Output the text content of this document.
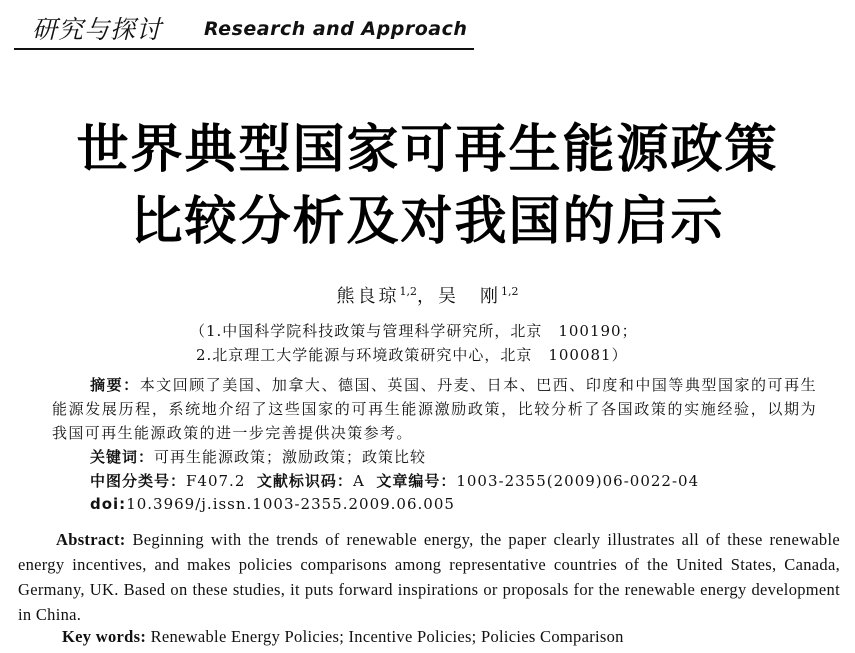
研究与探讨 Research and Approach
世界典型国家可再生能源政策
比较分析及对我国的启示
熊良琼$^{1,2}$，吴　刚$^{1,2}$
（1.中国科学院科技政策与管理科学研究所，北京　100190；
2.北京理工大学能源与环境政策研究中心，北京　100081）
摘要：本文回顾了美国、加拿大、德国、英国、丹麦、日本、巴西、印度和中国等典型国家的可再生能源发展历程，系统地介绍了这些国家的可再生能源激励政策，比较分析了各国政策的实施经验，以期为我国可再生能源政策的进一步完善提供决策参考。
关键词：可再生能源政策；激励政策；政策比较
中图分类号：F407.2 文献标识码：A 文章编号：1003-2355(2009)06-0022-04
doi:10.3969/j.issn.1003-2355.2009.06.005
Abstract: Beginning with the trends of renewable energy, the paper clearly illustrates all of these renewable energy incentives, and makes policies comparisons among representative countries of the United States, Canada, Germany, UK. Based on these studies, it puts forward inspirations or proposals for the renewable energy development in China.
Key words: Renewable Energy Policies; Incentive Policies; Policies Comparison
